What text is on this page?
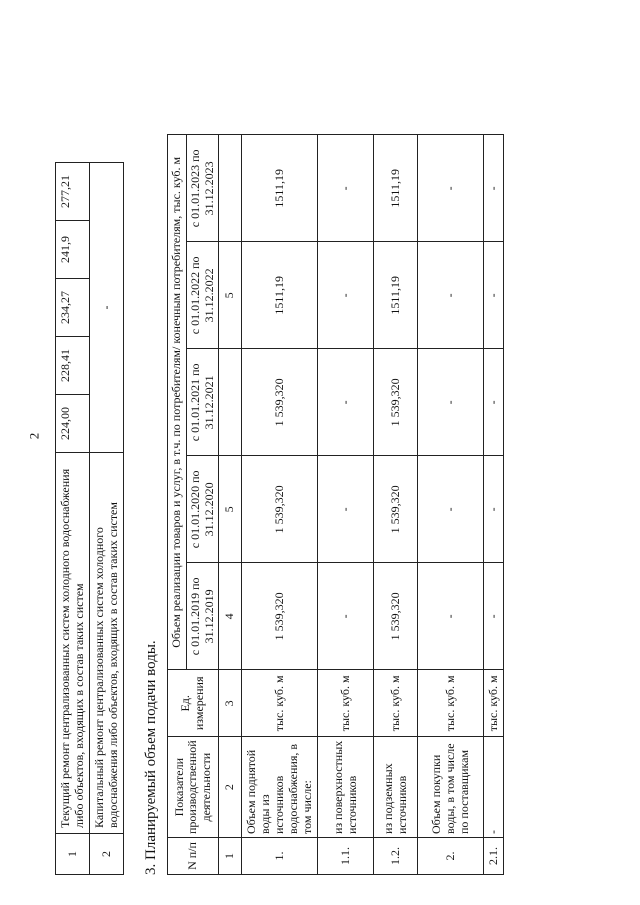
2
1	Текущий ремонт централизованных систем холодного водоснабжения либо объектов, входящих в состав таких систем	224,00	228,41	234,27	241,9	277,21
2	Капитальный ремонт централизованных систем холодного водоснабжения либо объектов, входящих в состав таких систем	-				
3. Планируемый объем подачи воды. N п/п	Показатели производственной деятельности	Ед. измерения	Объем реализации товаров и услуг, в т.ч. по потребителям/ конечным потребителям, тыс. куб. м				
			с 01.01.2019 по 31.12.2019	с 01.01.2020 по 31.12.2020	с 01.01.2021 по 31.12.2021	с 01.01.2022 по 31.12.2022	с 01.01.2023 по 31.12.2023
1	2	3	4	5		5	
1.	Объем поднятой воды из источников водоснабжения, в том числе:	тыс. куб. м	1 539,320	1 539,320	1 539,320	1511,19	1511,19
1.1.	из поверхностных источников	тыс. куб. м	-	-	-	-	-
1.2.	из подземных источников	тыс. куб. м	1 539,320	1 539,320	1 539,320	1511,19	1511,19
2.	Объем покупки воды, в том числе по поставщикам	тыс. куб. м	-	-	-	-	-
2.1.	-	тыс. куб. м	-	-	-	-	-
